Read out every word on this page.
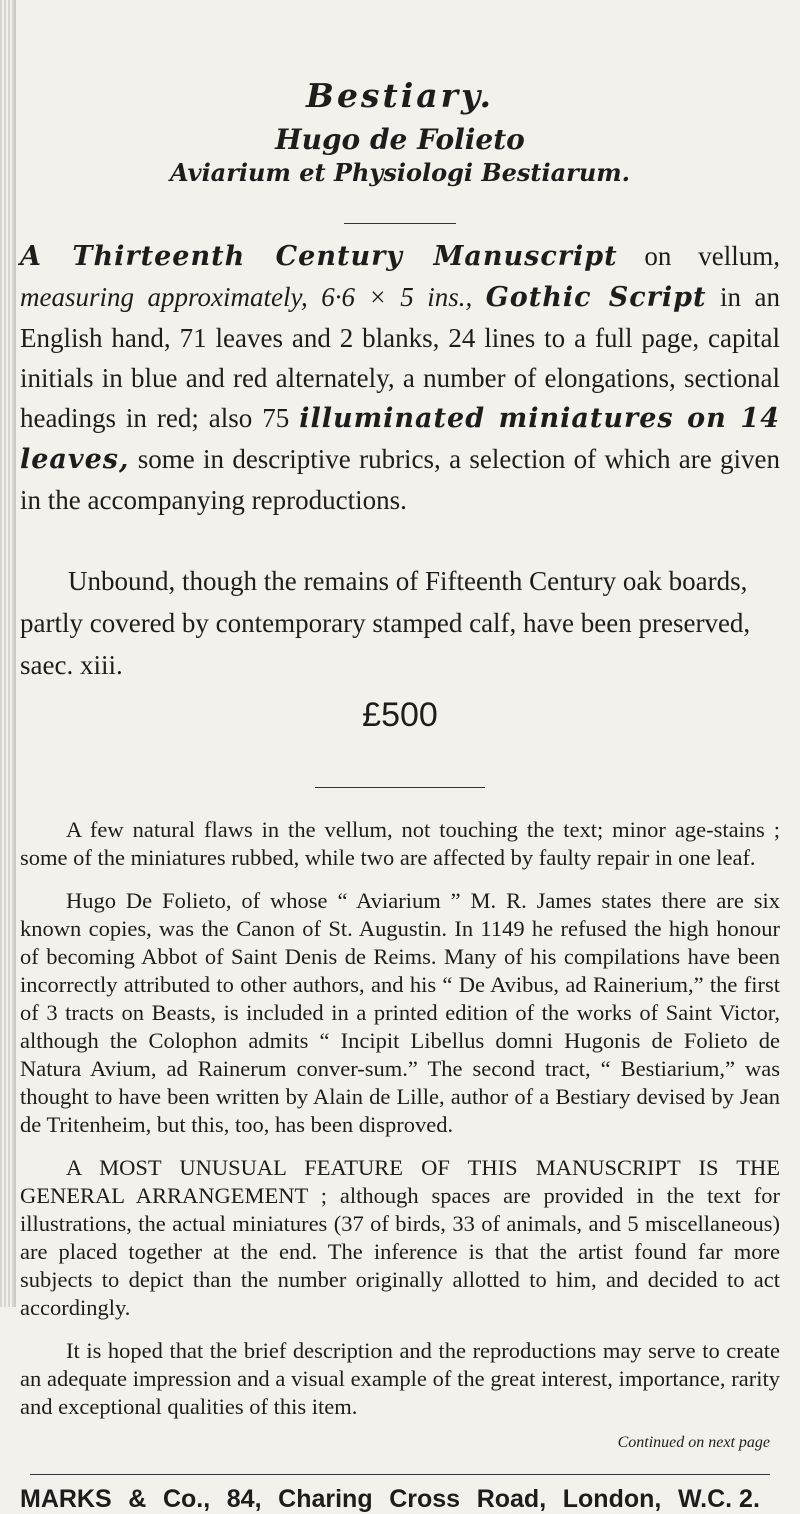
Bestiary.
Hugo de Folieto
Aviarium et Physiologi Bestiarum.
A Thirteenth Century Manuscript on vellum, measuring approximately, 6·6 × 5 ins., Gothic Script in an English hand, 71 leaves and 2 blanks, 24 lines to a full page, capital initials in blue and red alternately, a number of elongations, sectional headings in red; also 75 illuminated miniatures on 14 leaves, some in descriptive rubrics, a selection of which are given in the accompanying reproductions.
Unbound, though the remains of Fifteenth Century oak boards, partly covered by contemporary stamped calf, have been preserved, saec. xiii.
£500

A few natural flaws in the vellum, not touching the text; minor age-stains ; some of the miniatures rubbed, while two are affected by faulty repair in one leaf.

Hugo De Folieto, of whose “ Aviarium ” M. R. James states there are six known copies, was the Canon of St. Augustin. In 1149 he refused the high honour of becoming Abbot of Saint Denis de Reims. Many of his compilations have been incorrectly attributed to other authors, and his “ De Avibus, ad Rainerium,” the first of 3 tracts on Beasts, is included in a printed edition of the works of Saint Victor, although the Colophon admits “ Incipit Libellus domni Hugonis de Folieto de Natura Avium, ad Rainerum conver-sum.” The second tract, “ Bestiarium,” was thought to have been written by Alain de Lille, author of a Bestiary devised by Jean de Tritenheim, but this, too, has been disproved.

A MOST UNUSUAL FEATURE OF THIS MANUSCRIPT IS THE GENERAL ARRANGEMENT ; although spaces are provided in the text for illustrations, the actual miniatures (37 of birds, 33 of animals, and 5 miscellaneous) are placed together at the end. The inference is that the artist found far more subjects to depict than the number originally allotted to him, and decided to act accordingly.

It is hoped that the brief description and the reproductions may serve to create an adequate impression and a visual example of the great interest, importance, rarity and exceptional qualities of this item.

Continued on next page
MARKS & Co., 84, Charing Cross Road, London, W.C. 2.
